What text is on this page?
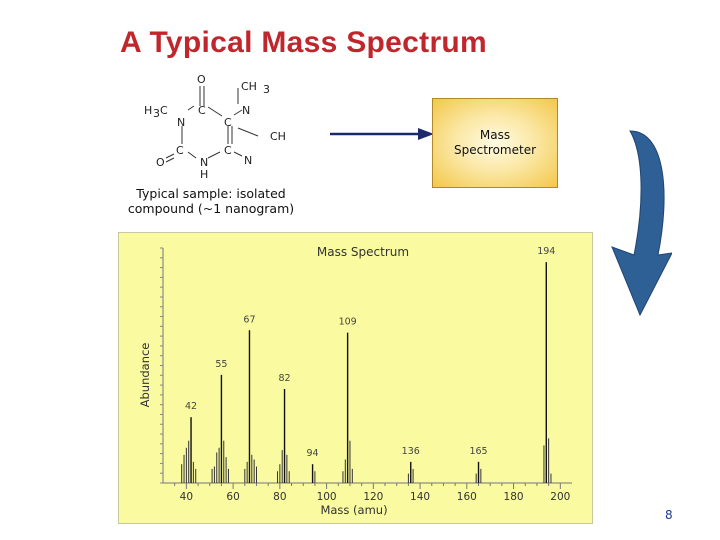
A Typical Mass Spectrum
O
CH 3
H 3 C
N
C	N
C
CH
C	C
N
O	N
H
Mass
Spectrometer
Typical sample: isolated
compound (~1 nanogram)
Mass Spectrum
Mass (amu)
Abundance
40	60	80	100	120	140	160	180	200
42
55
67
82
94
109
136	165
194
8
